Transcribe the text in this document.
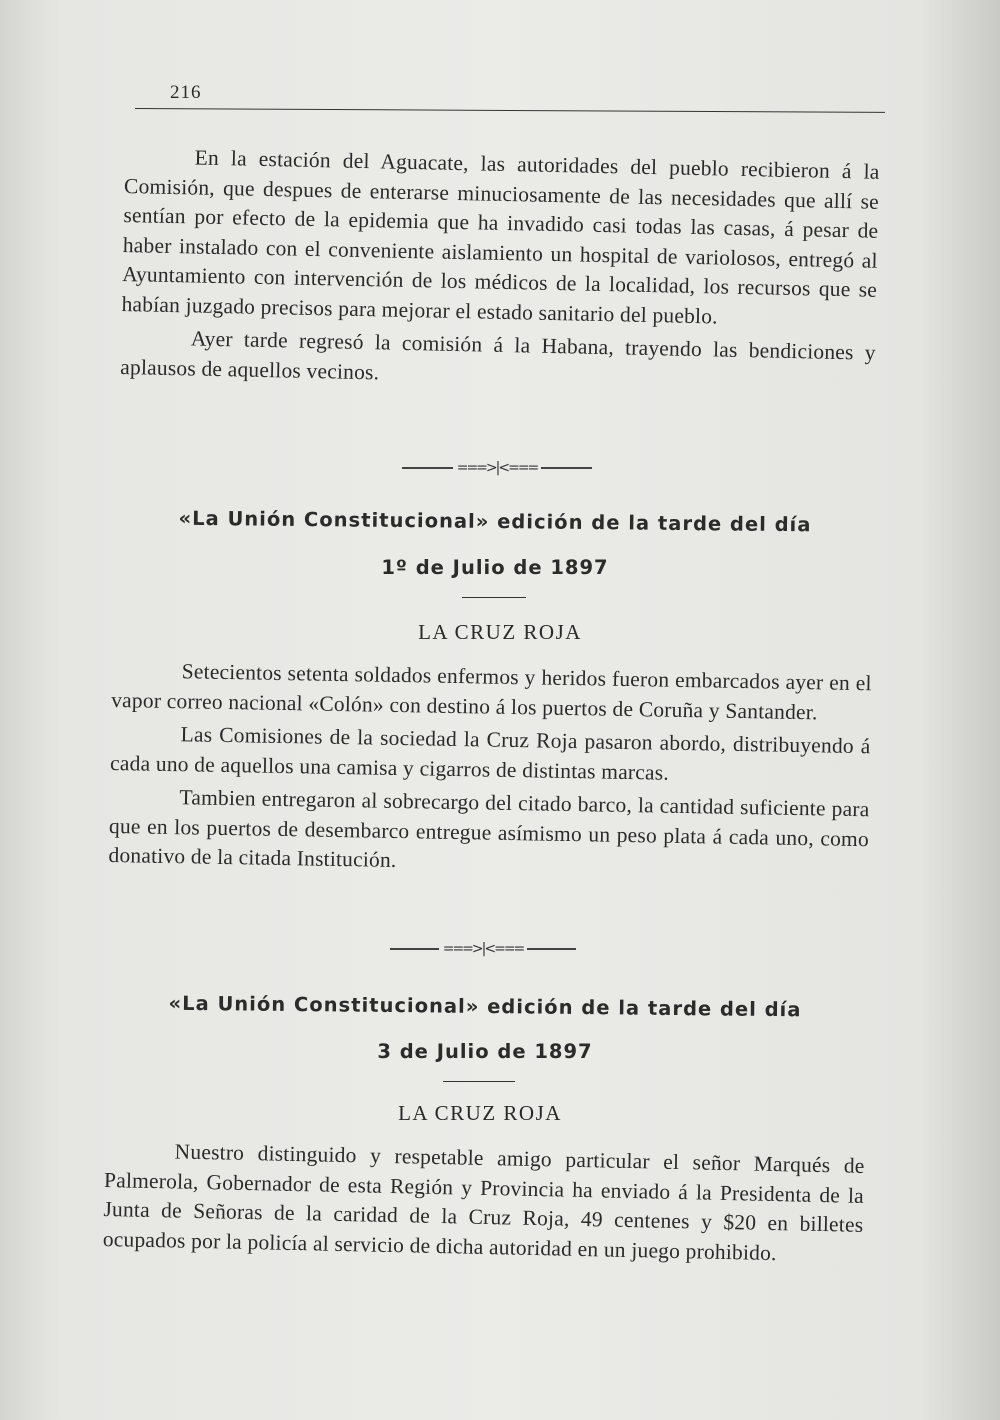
216

En la estación del Aguacate, las autoridades del pueblo recibieron á la Comisión, que despues de enterarse minuciosamente de las necesidades que allí se sentían por efecto de la epidemia que ha invadido casi todas las casas, á pesar de haber instalado con el conveniente aislamiento un hospital de variolosos, entregó al Ayuntamiento con intervención de los médicos de la localidad, los recursos que se habían juzgado precisos para mejorar el estado sanitario del pueblo.

Ayer tarde regresó la comisión á la Habana, trayendo las bendiciones y aplausos de aquellos vecinos.

===>|<===

«La Unión Constitucional» edición de la tarde del día

1º de Julio de 1897

LA CRUZ ROJA

Setecientos setenta soldados enfermos y heridos fueron embarcados ayer en el vapor correo nacional «Colón» con destino á los puertos de Coruña y Santander.

Las Comisiones de la sociedad la Cruz Roja pasaron abordo, distribuyendo á cada uno de aquellos una camisa y cigarros de distintas marcas.

Tambien entregaron al sobrecargo del citado barco, la cantidad suficiente para que en los puertos de desembarco entregue asímismo un peso plata á cada uno, como donativo de la citada Institución.

===>|<===

«La Unión Constitucional» edición de la tarde del día

3 de Julio de 1897

LA CRUZ ROJA

Nuestro distinguido y respetable amigo particular el señor Marqués de Palmerola, Gobernador de esta Región y Provincia ha enviado á la Presidenta de la Junta de Señoras de la caridad de la Cruz Roja, 49 centenes y $20 en billetes ocupados por la policía al servicio de dicha autoridad en un juego prohibido.
